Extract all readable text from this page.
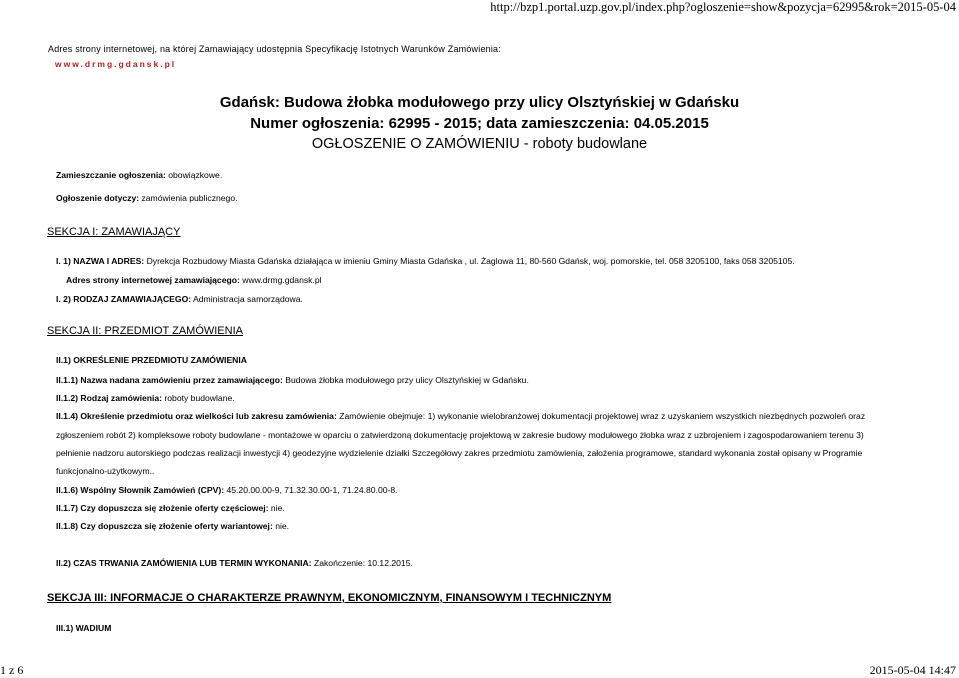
http://bzp1.portal.uzp.gov.pl/index.php?ogloszenie=show&pozycja=62995&rok=2015-05-04
Adres strony internetowej, na której Zamawiający udostępnia Specyfikację Istotnych Warunków Zamówienia:
www.drmg.gdansk.pl
Gdańsk: Budowa żłobka modułowego przy ulicy Olsztyńskiej w Gdańsku
Numer ogłoszenia: 62995 - 2015; data zamieszczenia: 04.05.2015
OGŁOSZENIE O ZAMÓWIENIU - roboty budowlane
Zamieszczanie ogłoszenia: obowiązkowe.
Ogłoszenie dotyczy: zamówienia publicznego.
SEKCJA I: ZAMAWIAJĄCY
I. 1) NAZWA I ADRES: Dyrekcja Rozbudowy Miasta Gdańska działająca w imieniu Gminy Miasta Gdańska , ul. Żaglowa 11, 80-560 Gdańsk, woj. pomorskie, tel. 058 3205100, faks 058 3205105.
Adres strony internetowej zamawiającego: www.drmg.gdansk.pl
I. 2) RODZAJ ZAMAWIAJĄCEGO: Administracja samorządowa.
SEKCJA II: PRZEDMIOT ZAMÓWIENIA
II.1) OKREŚLENIE PRZEDMIOTU ZAMÓWIENIA
II.1.1) Nazwa nadana zamówieniu przez zamawiającego: Budowa żłobka modułowego przy ulicy Olsztyńskiej w Gdańsku.
II.1.2) Rodzaj zamówienia: roboty budowlane.
II.1.4) Określenie przedmiotu oraz wielkości lub zakresu zamówienia: Zamówienie obejmuje: 1) wykonanie wielobranżowej dokumentacji projektowej wraz z uzyskaniem wszystkich niezbędnych pozwoleń oraz
zgłoszeniem robót 2) kompleksowe roboty budowlane - montażowe w oparciu o zatwierdzoną dokumentację projektową w zakresie budowy modułowego żłobka wraz z uzbrojeniem i zagospodarowaniem terenu 3)
pełnienie nadzoru autorskiego podczas realizacji inwestycji 4) geodezyjne wydzielenie działki Szczegółowy zakres przedmiotu zamówienia, założenia programowe, standard wykonania został opisany w Programie
funkcjonalno-użytkowym..
II.1.6) Wspólny Słownik Zamówień (CPV): 45.20.00.00-9, 71.32.30.00-1, 71.24.80.00-8.
II.1.7) Czy dopuszcza się złożenie oferty częściowej: nie.
II.1.8) Czy dopuszcza się złożenie oferty wariantowej: nie.
II.2) CZAS TRWANIA ZAMÓWIENIA LUB TERMIN WYKONANIA: Zakończenie: 10.12.2015.
SEKCJA III: INFORMACJE O CHARAKTERZE PRAWNYM, EKONOMICZNYM, FINANSOWYM I TECHNICZNYM
III.1) WADIUM
1 z 6	2015-05-04 14:47
